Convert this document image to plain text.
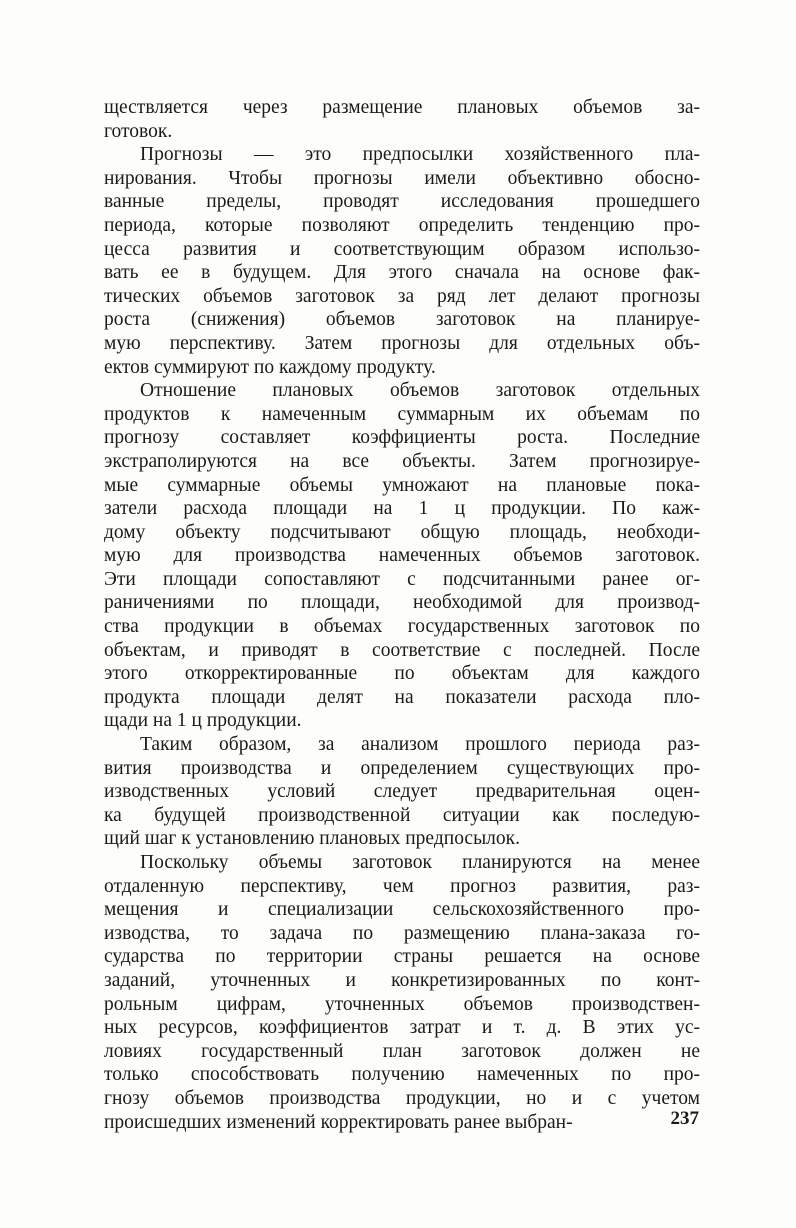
ществляется через размещение плановых объемов за-
готовок.
Прогнозы — это предпосылки хозяйственного пла-
нирования. Чтобы прогнозы имели объективно обосно-
ванные пределы, проводят исследования прошедшего
периода, которые позволяют определить тенденцию про-
цесса развития и соответствующим образом использо-
вать ее в будущем. Для этого сначала на основе фак-
тических объемов заготовок за ряд лет делают прогнозы
роста (снижения) объемов заготовок на планируе-
мую перспективу. Затем прогнозы для отдельных объ-
ектов суммируют по каждому продукту.
Отношение плановых объемов заготовок отдельных
продуктов к намеченным суммарным их объемам по
прогнозу составляет коэффициенты роста. Последние
экстраполируются на все объекты. Затем прогнозируе-
мые суммарные объемы умножают на плановые пока-
затели расхода площади на 1 ц продукции. По каж-
дому объекту подсчитывают общую площадь, необходи-
мую для производства намеченных объемов заготовок.
Эти площади сопоставляют с подсчитанными ранее ог-
раничениями по площади, необходимой для производ-
ства продукции в объемах государственных заготовок по
объектам, и приводят в соответствие с последней. После
этого откорректированные по объектам для каждого
продукта площади делят на показатели расхода пло-
щади на 1 ц продукции.
Таким образом, за анализом прошлого периода раз-
вития производства и определением существующих про-
изводственных условий следует предварительная оцен-
ка будущей производственной ситуации как последую-
щий шаг к установлению плановых предпосылок.
Поскольку объемы заготовок планируются на менее
отдаленную перспективу, чем прогноз развития, раз-
мещения и специализации сельскохозяйственного про-
изводства, то задача по размещению плана-заказа го-
сударства по территории страны решается на основе
заданий, уточненных и конкретизированных по конт-
рольным цифрам, уточненных объемов производствен-
ных ресурсов, коэффициентов затрат и т. д. В этих ус-
ловиях государственный план заготовок должен не
только способствовать получению намеченных по про-
гнозу объемов производства продукции, но и с учетом
происшедших изменений корректировать ранее выбран-	237
